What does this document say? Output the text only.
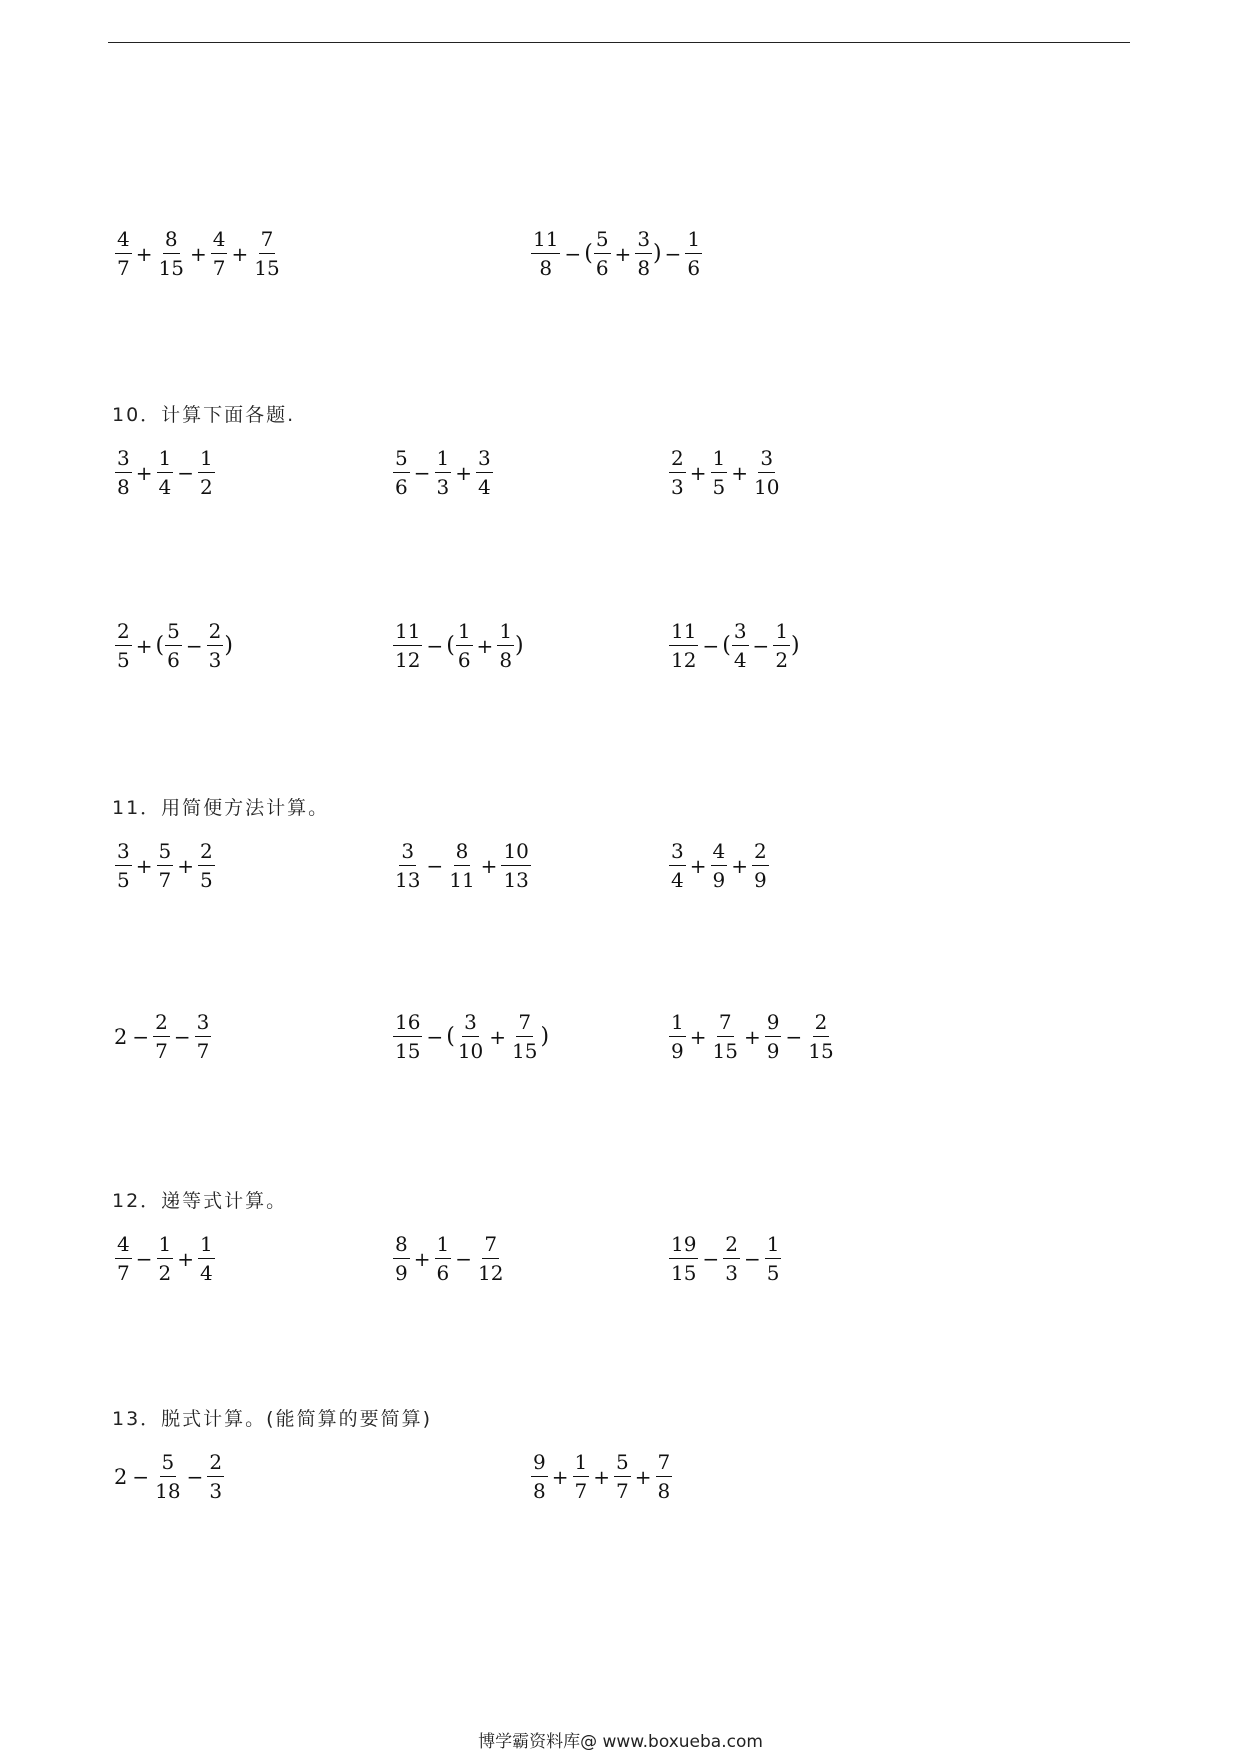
10．计算下面各题.
11．用简便方法计算。
12．递等式计算。
13．脱式计算。(能简算的要简算)
$\frac{4}{7} + \frac{8}{15} + \frac{4}{7} + \frac{7}{15}$	$\frac{11}{8}$ − ( $\frac{5}{6} + \frac{3}{8}$ ) − $\frac{1}{6}$
$\frac{3}{8} + \frac{1}{4} - \frac{1}{2}$	$\frac{5}{6} - \frac{1}{3} + \frac{3}{4}$	$\frac{2}{3} + \frac{1}{5} + \frac{3}{10}$
$\frac{2}{5}$ + ( $\frac{5}{6} - \frac{2}{3}$ )	$\frac{11}{12}$ − ( $\frac{1}{6} + \frac{1}{8}$ )	$\frac{11}{12}$ − ( $\frac{3}{4} - \frac{1}{2}$ )
$\frac{3}{5} + \frac{5}{7} + \frac{2}{5}$	$\frac{3}{13} - \frac{8}{11} + \frac{10}{13}$	$\frac{3}{4} + \frac{4}{9} + \frac{2}{9}$
$2 - \frac{2}{7} - \frac{3}{7}$	$\frac{16}{15}$ − ( $\frac{3}{10} + \frac{7}{15}$ )	$\frac{1}{9} + \frac{7}{15} + \frac{9}{9} - \frac{2}{15}$
$\frac{4}{7} - \frac{1}{2} + \frac{1}{4}$	$\frac{8}{9} + \frac{1}{6} - \frac{7}{12}$	$\frac{19}{15} - \frac{2}{3} - \frac{1}{5}$
$2 - \frac{5}{18} - \frac{2}{3}$	$\frac{9}{8} + \frac{1}{7} + \frac{5}{7} + \frac{7}{8}$
博学霸资料库@ www.boxueba.com
